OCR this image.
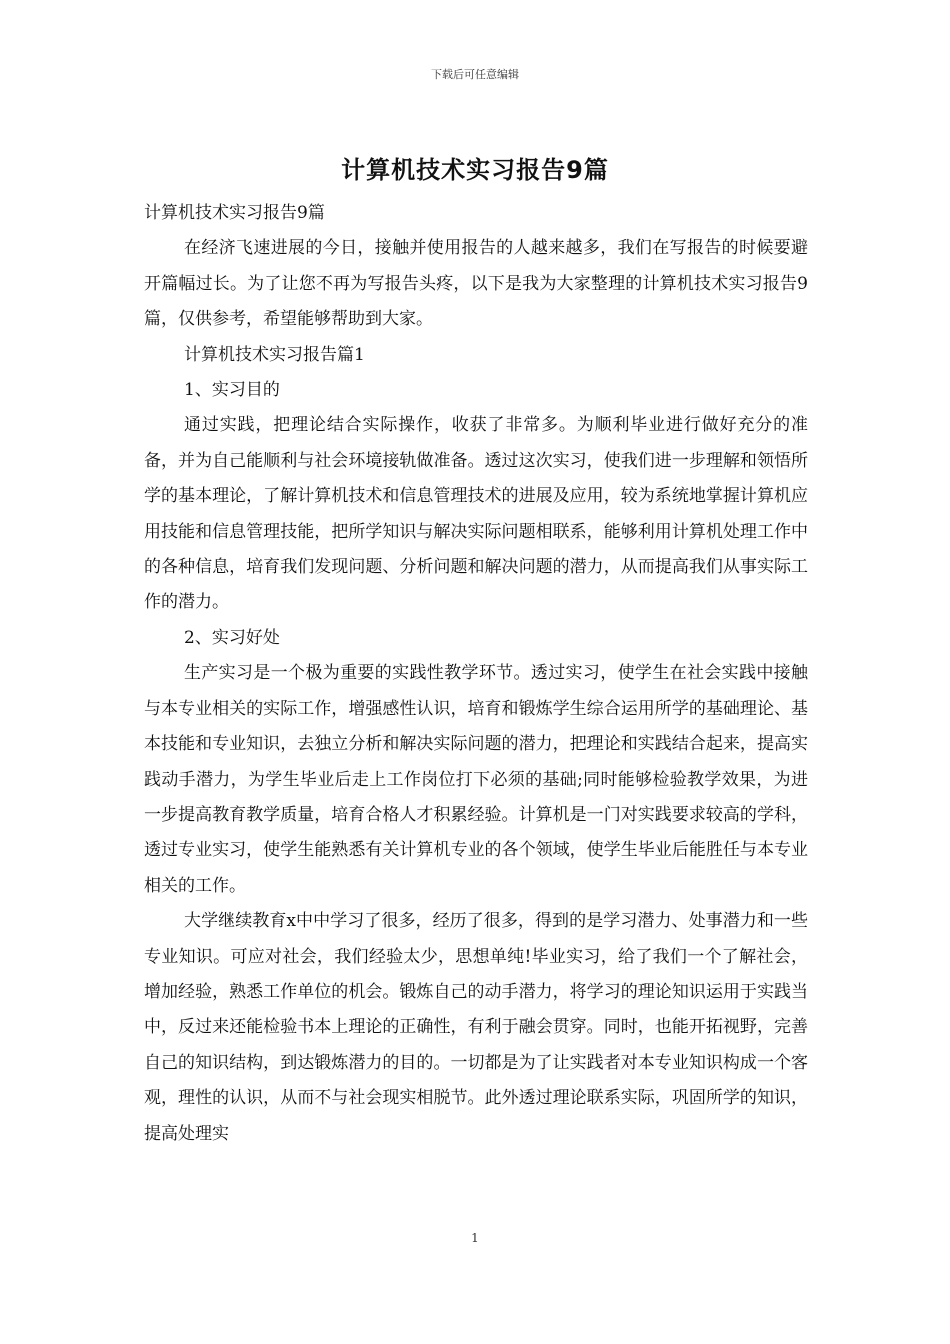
下载后可任意编辑
计算机技术实习报告9篇

计算机技术实习报告9篇

在经济飞速进展的今日，接触并使用报告的人越来越多，我们在写报告的时候要避开篇幅过长。为了让您不再为写报告头疼，以下是我为大家整理的计算机技术实习报告9篇，仅供参考，希望能够帮助到大家。

计算机技术实习报告篇1

1、实习目的

通过实践，把理论结合实际操作，收获了非常多。为顺利毕业进行做好充分的准备，并为自己能顺利与社会环境接轨做准备。透过这次实习，使我们进一步理解和领悟所学的基本理论，了解计算机技术和信息管理技术的进展及应用，较为系统地掌握计算机应用技能和信息管理技能，把所学知识与解决实际问题相联系，能够利用计算机处理工作中的各种信息，培育我们发现问题、分析问题和解决问题的潜力，从而提高我们从事实际工作的潜力。

2、实习好处

生产实习是一个极为重要的实践性教学环节。透过实习，使学生在社会实践中接触与本专业相关的实际工作，增强感性认识，培育和锻炼学生综合运用所学的基础理论、基本技能和专业知识，去独立分析和解决实际问题的潜力，把理论和实践结合起来，提高实践动手潜力，为学生毕业后走上工作岗位打下必须的基础;同时能够检验教学效果，为进一步提高教育教学质量，培育合格人才积累经验。计算机是一门对实践要求较高的学科，透过专业实习，使学生能熟悉有关计算机专业的各个领域，使学生毕业后能胜任与本专业相关的工作。

大学继续教育x中中学习了很多，经历了很多，得到的是学习潜力、处事潜力和一些专业知识。可应对社会，我们经验太少，思想单纯!毕业实习，给了我们一个了解社会，增加经验，熟悉工作单位的机会。锻炼自己的动手潜力，将学习的理论知识运用于实践当中，反过来还能检验书本上理论的正确性，有利于融会贯穿。同时，也能开拓视野，完善自己的知识结构，到达锻炼潜力的目的。一切都是为了让实践者对本专业知识构成一个客观，理性的认识，从而不与社会现实相脱节。此外透过理论联系实际，巩固所学的知识，提高处理实

1
